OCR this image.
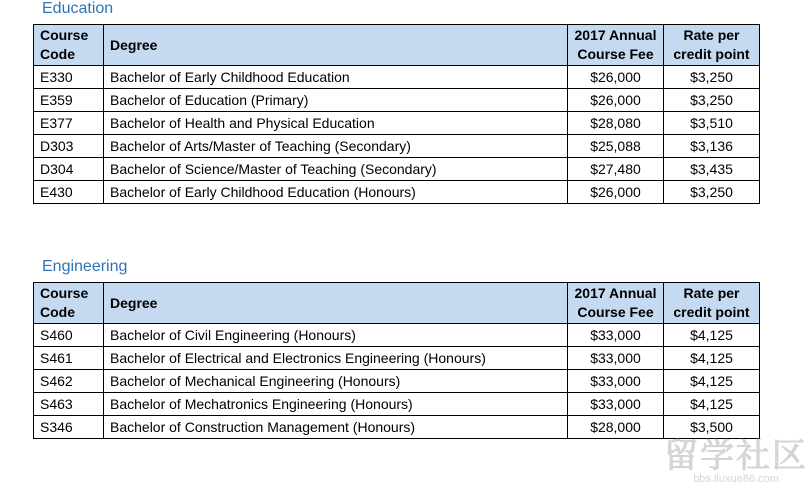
Education
Course Code	Degree	2017 Annual Course Fee	Rate per credit point
E330	Bachelor of Early Childhood Education	$26,000	$3,250
E359	Bachelor of Education (Primary)	$26,000	$3,250
E377	Bachelor of Health and Physical Education	$28,080	$3,510
D303	Bachelor of Arts/Master of Teaching (Secondary)	$25,088	$3,136
D304	Bachelor of Science/Master of Teaching (Secondary)	$27,480	$3,435
E430	Bachelor of Early Childhood Education (Honours)	$26,000	$3,250
Engineering
Course Code	Degree	2017 Annual Course Fee	Rate per credit point
S460	Bachelor of Civil Engineering (Honours)	$33,000	$4,125
S461	Bachelor of Electrical and Electronics Engineering (Honours)	$33,000	$4,125
S462	Bachelor of Mechanical Engineering (Honours)	$33,000	$4,125
S463	Bachelor of Mechatronics Engineering (Honours)	$33,000	$4,125
S346	Bachelor of Construction Management (Honours)	$28,000	$3,500
留学社区
bbs.liuxue86.com
